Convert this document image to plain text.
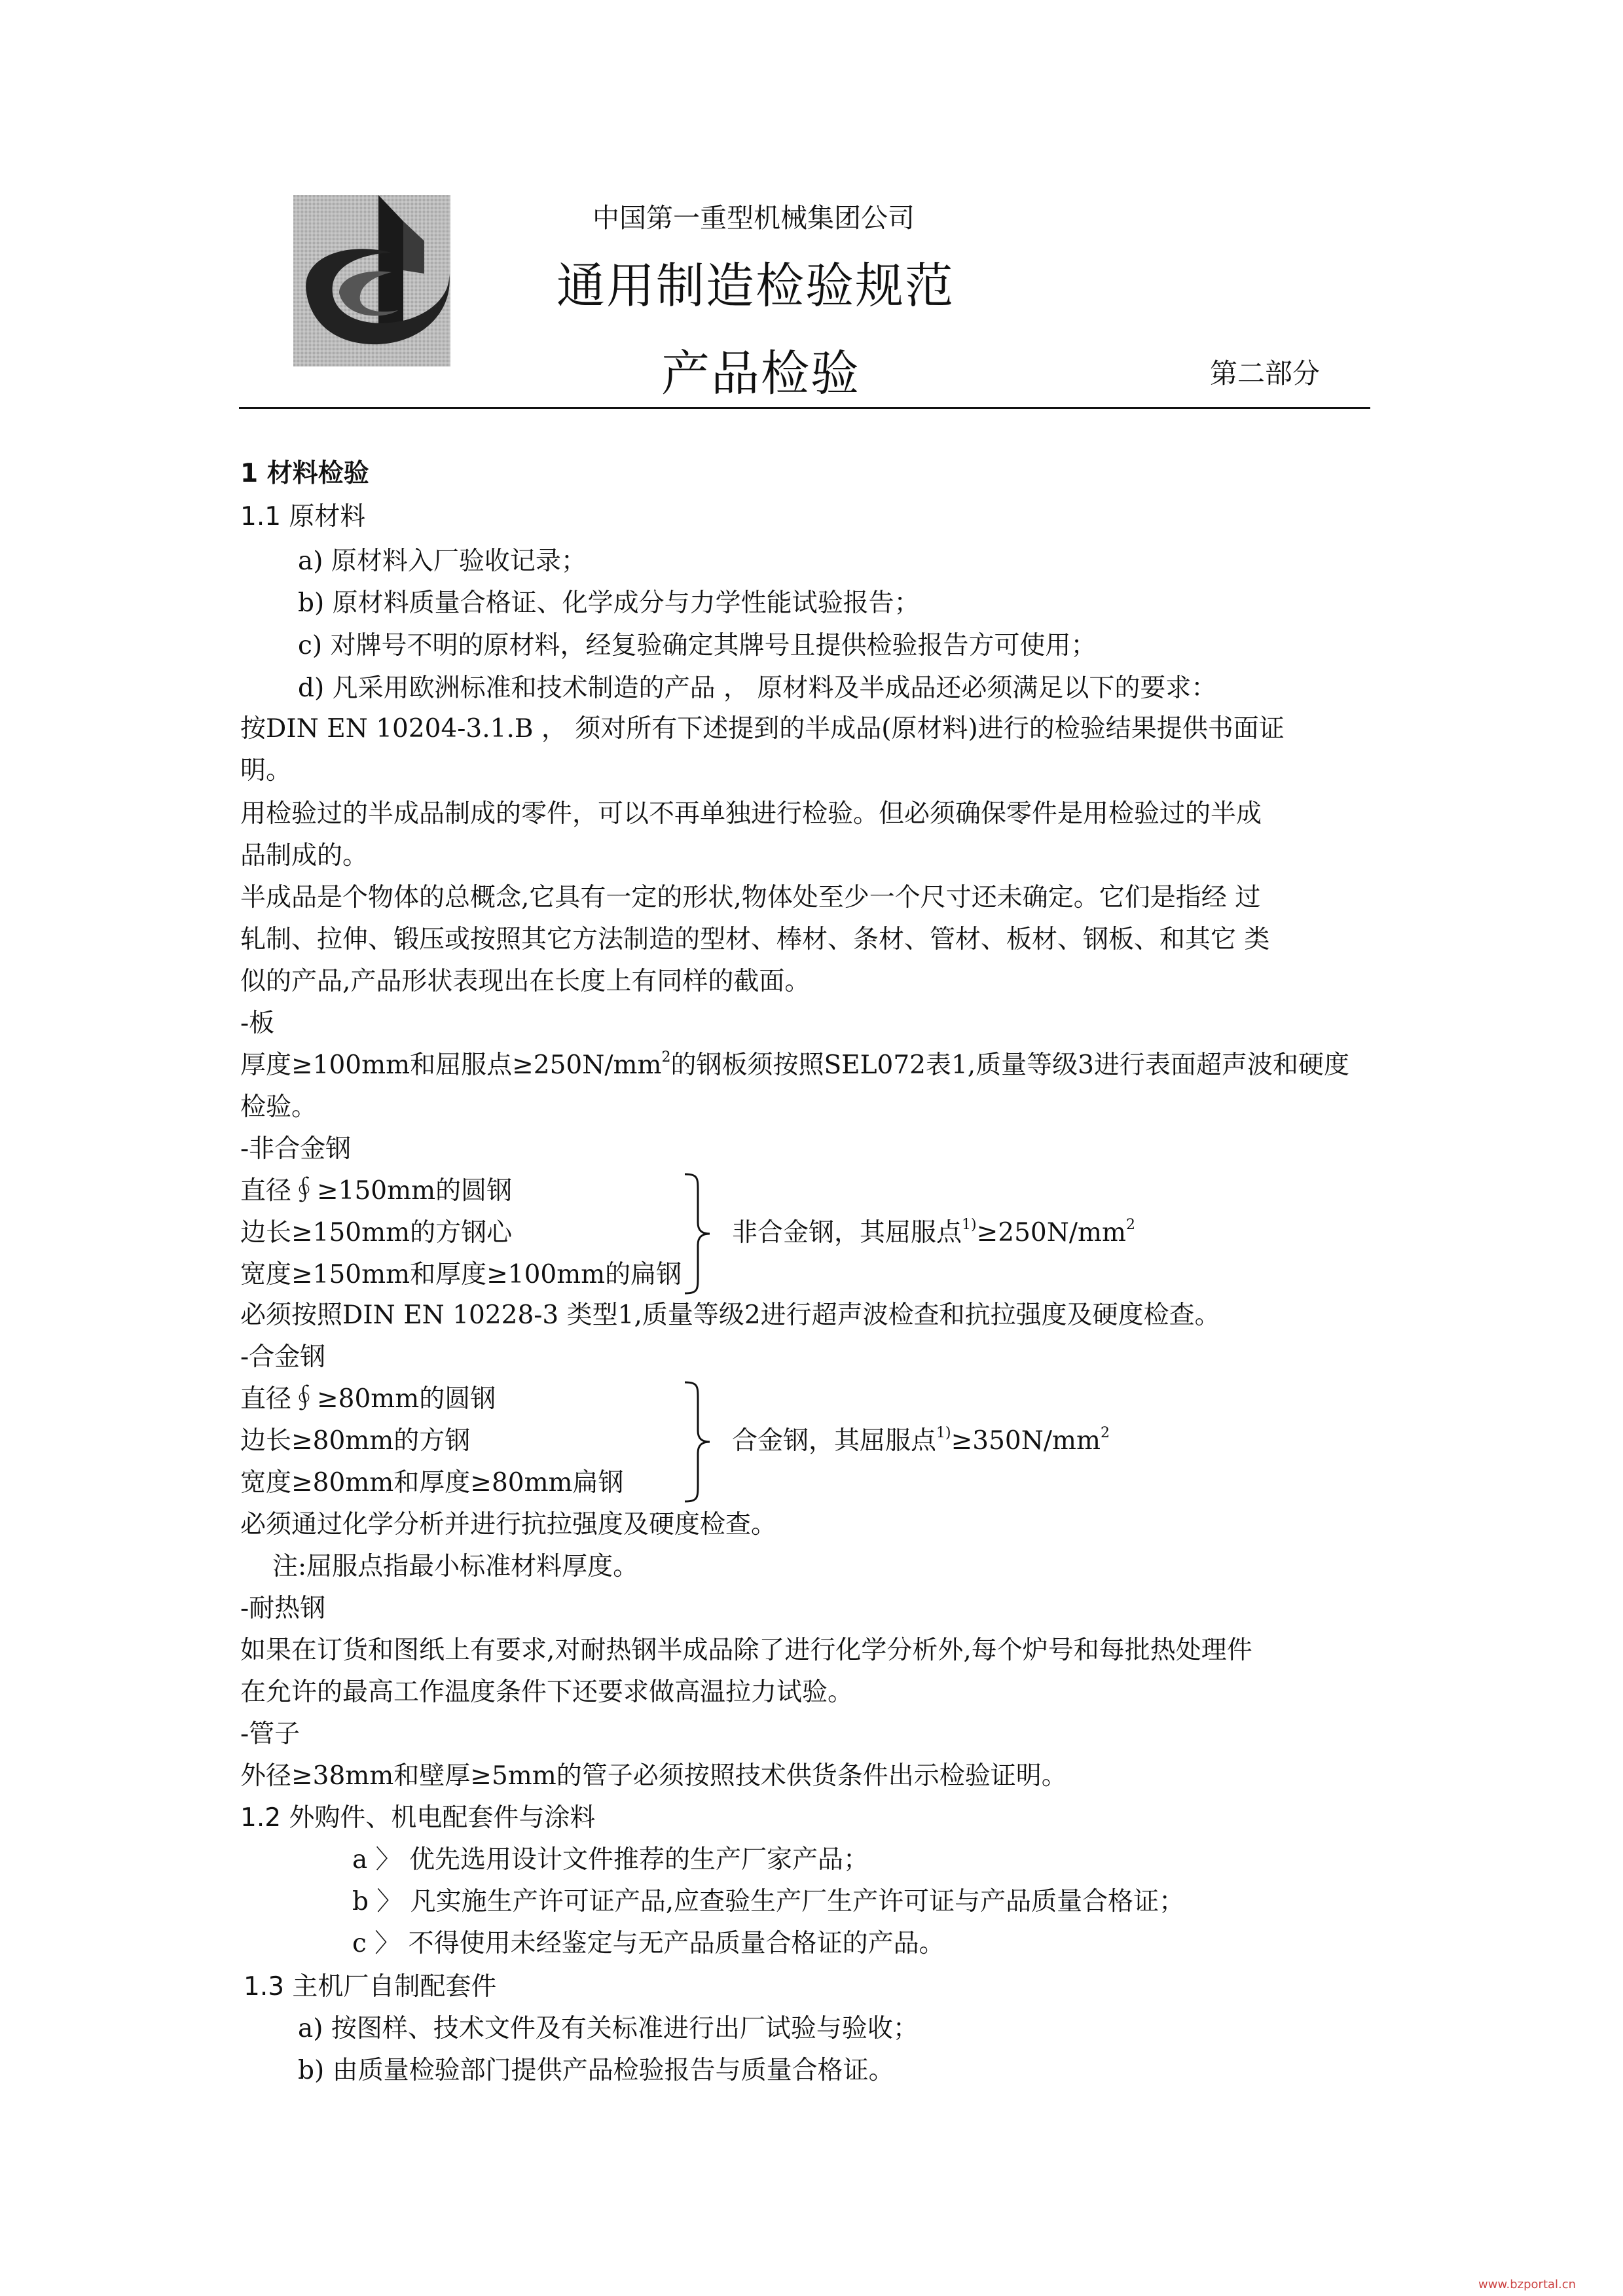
中国第一重型机械集团公司
通用制造检验规范
产品检验	第二部分
1 材料检验
1.1 原材料
a) 原材料入厂验收记录；
b) 原材料质量合格证、化学成分与力学性能试验报告；
c) 对牌号不明的原材料，经复验确定其牌号且提供检验报告方可使用；
d) 凡采用欧洲标准和技术制造的产品 ， 原材料及半成品还必须满足以下的要求：
按DIN EN 10204-3.1.B ， 须对所有下述提到的半成品(原材料)进行的检验结果提供书面证
明。
用检验过的半成品制成的零件，可以不再单独进行检验。但必须确保零件是用检验过的半成
品制成的。
半成品是个物体的总概念,它具有一定的形状,物体处至少一个尺寸还未确定。它们是指经 过
轧制、拉伸、锻压或按照其它方法制造的型材、棒材、条材、管材、板材、钢板、和其它 类
似的产品,产品形状表现出在长度上有同样的截面。
-板
厚度≥100mm和屈服点$\ge 250N/mm^2$的钢板须按照SEL072表1,质量等级3进行表面超声波和硬度
检验。
-非合金钢
直径∮≥150mm的圆钢
边长≥150mm的方钢心
宽度≥150mm和厚度≥100mm的扁钢
非合金钢，其屈服点$^{1)}\ge 250N/mm^2$
必须按照DIN EN 10228-3 类型1,质量等级2进行超声波检查和抗拉强度及硬度检查。
-合金钢
直径∮≥80mm的圆钢
边长≥80mm的方钢
宽度≥80mm和厚度≥80mm扁钢
合金钢，其屈服点$^{1)}\ge 350N/mm^2$
必须通过化学分析并进行抗拉强度及硬度检查。
注:屈服点指最小标准材料厚度。
-耐热钢
如果在订货和图纸上有要求,对耐热钢半成品除了进行化学分析外,每个炉号和每批热处理件
在允许的最高工作温度条件下还要求做高温拉力试验。
-管子
外径≥38mm和壁厚≥5mm的管子必须按照技术供货条件出示检验证明。
1.2 外购件、机电配套件与涂料
a 〉 优先选用设计文件推荐的生产厂家产品；
b 〉 凡实施生产许可证产品,应查验生产厂生产许可证与产品质量合格证；
c 〉 不得使用未经鉴定与无产品质量合格证的产品。
1.3 主机厂自制配套件
a) 按图样、技术文件及有关标准进行出厂试验与验收；
b) 由质量检验部门提供产品检验报告与质量合格证。
www.bzportal.cn
